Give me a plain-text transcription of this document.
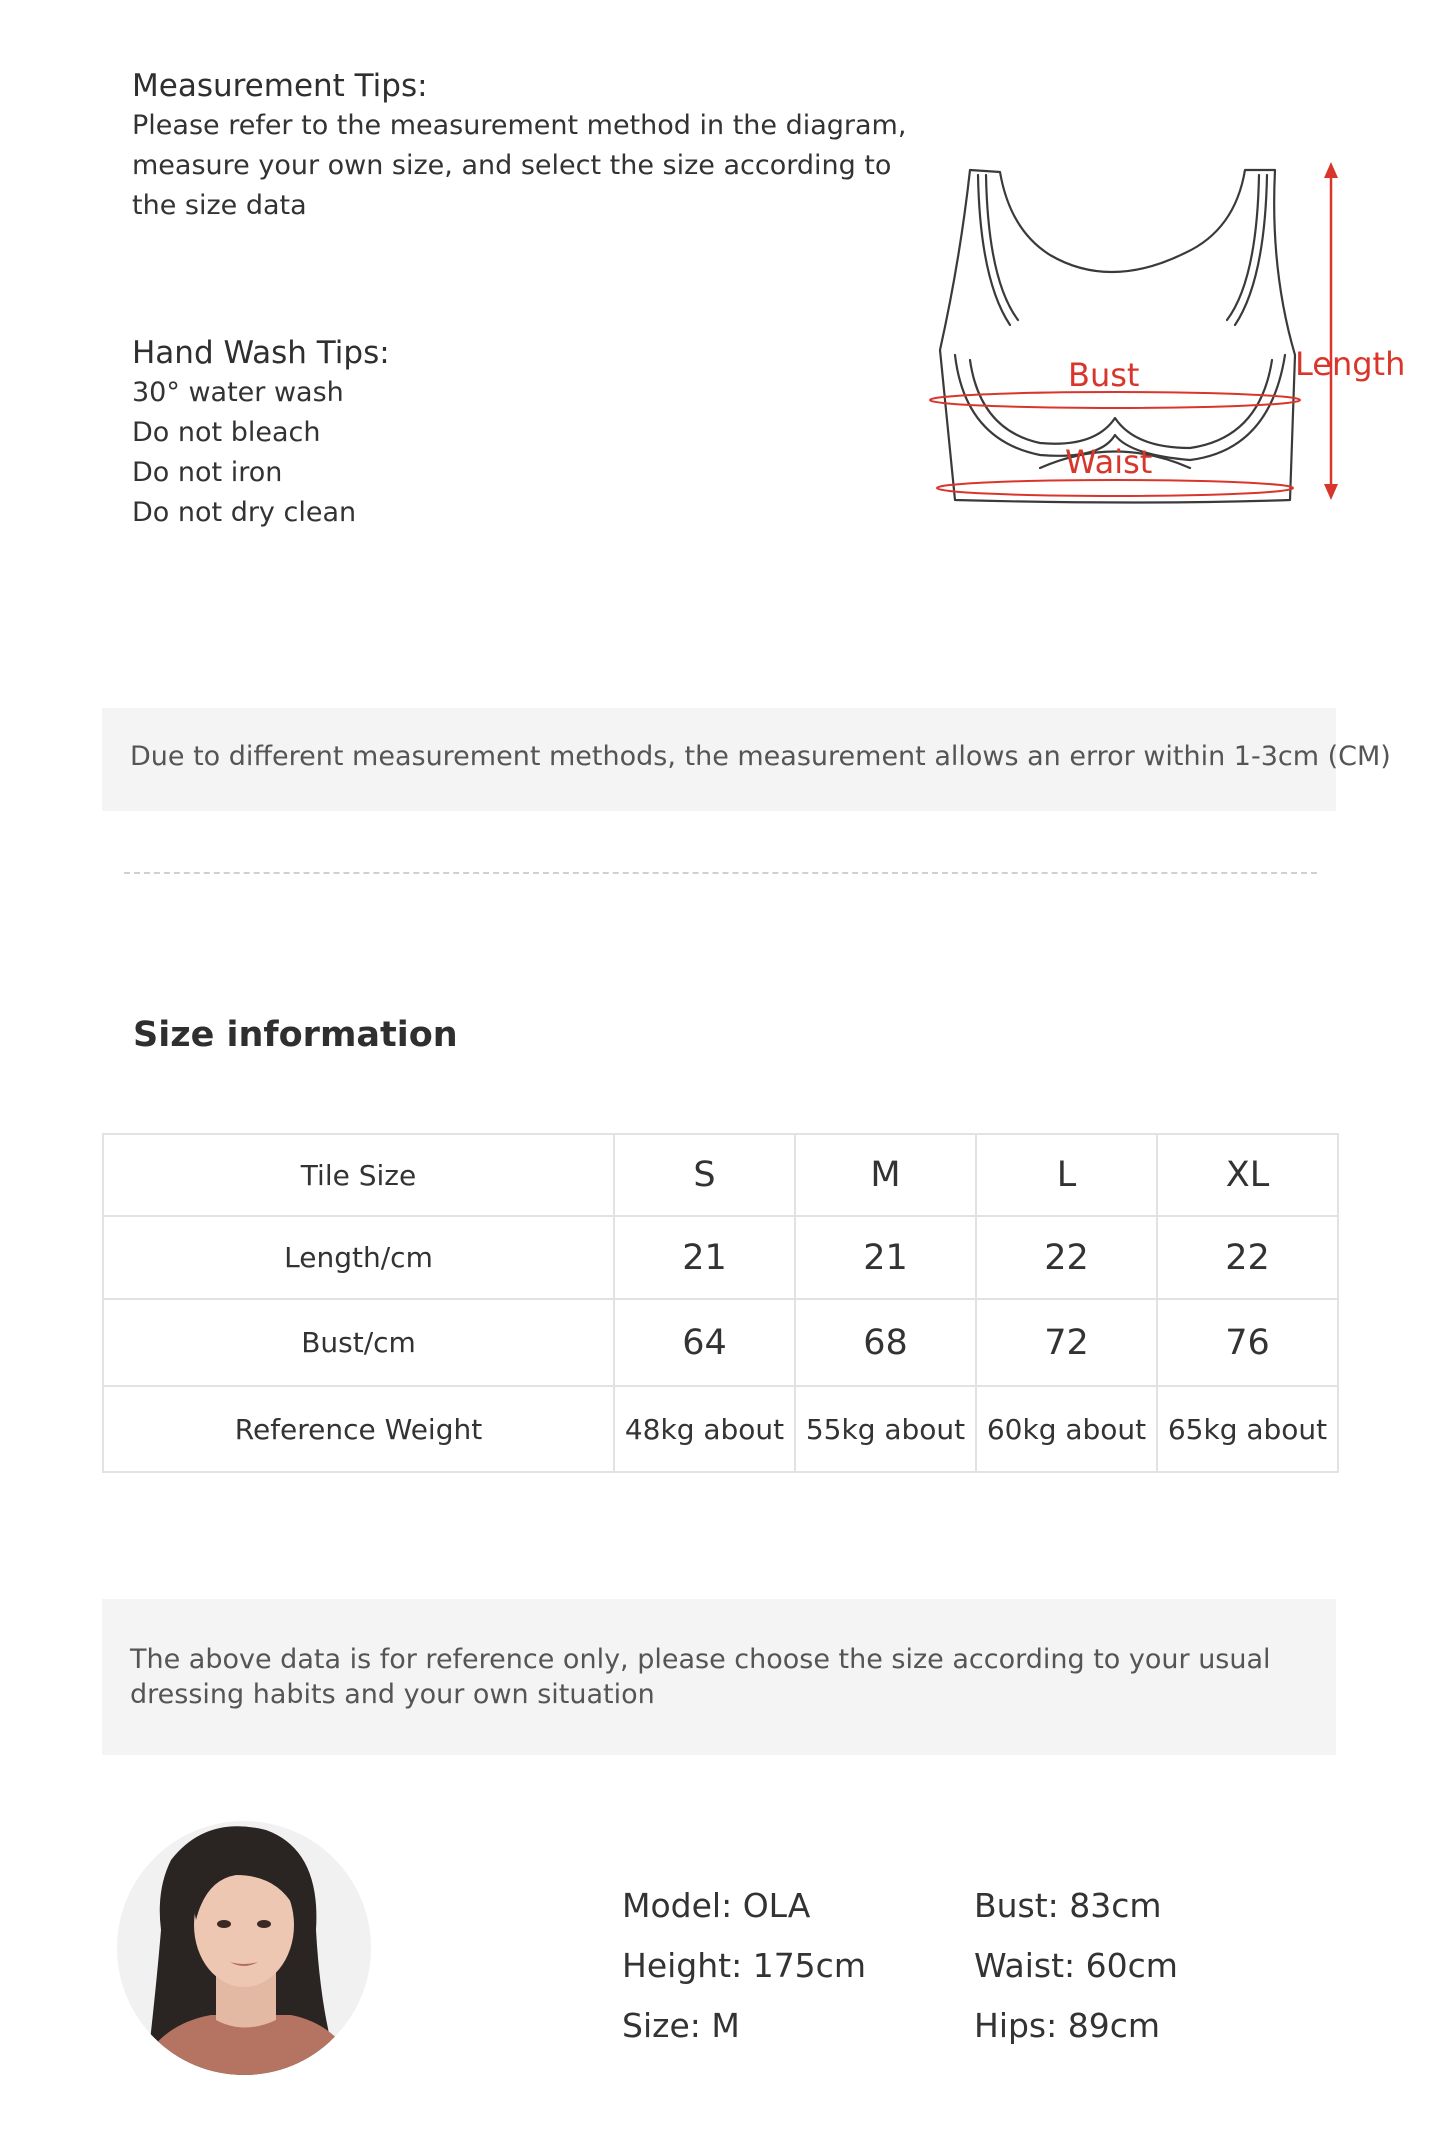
Measurement Tips:
Please refer to the measurement method in the diagram,
measure your own size, and select the size according to
the size data
Hand Wash Tips:
30° water wash
Do not bleach
Do not iron
Do not dry clean
Bust
Waist
Length
Due to different measurement methods, the measurement allows an error within 1-3cm (CM)
Size information
Tile Size	S	M	L	XL
Length/cm	21	21	22	22
Bust/cm	64	68	72	76
Reference Weight	48kg about	55kg about	60kg about	65kg about
The above data is for reference only, please choose the size according to your usual dressing habits and your own situation
Model: OLA
Height: 175cm
Size: M
Bust: 83cm
Waist: 60cm
Hips: 89cm
